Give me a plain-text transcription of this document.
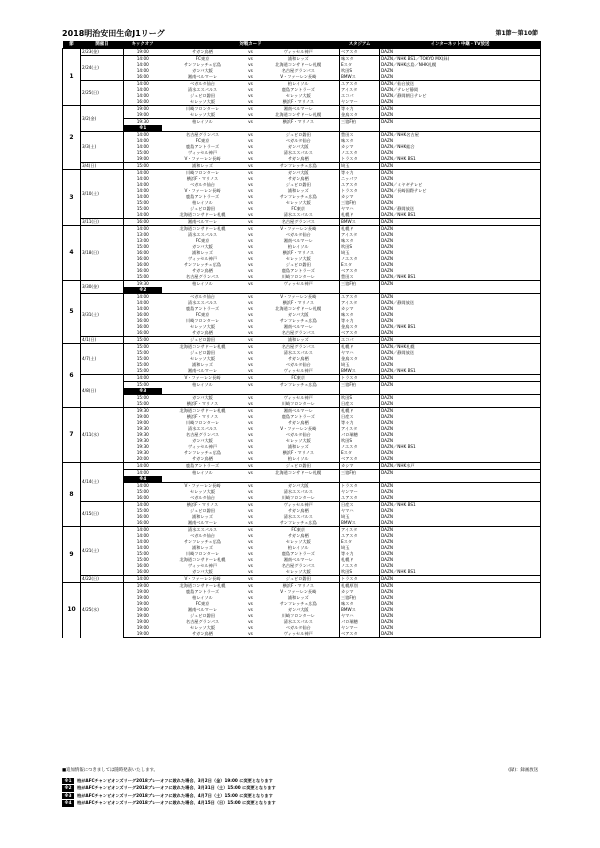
2018明治安田生命J1リーグ	第1節～第10節
節	開催日	キックオフ	対戦カード			スタジアム	インターネット中継・TV放送
1	2/23(金)	19:00	サガン鳥栖	vs	ヴィッセル神戸	ベアスタ	DAZN
	2/24(土)	14:00	FC東京	vs	浦和レッズ	味スタ	DAZN／NHK BS1／TOKYO MX(録)
		14:00	サンフレッチェ広島	vs	北海道コンサドーレ札幌	Eスタ	DAZN／NHK広島／NHK札幌
		14:00	ガンバ大阪	vs	名古屋グランパス	吹田S	DAZN
		16:00	湘南ベルマーレ	vs	V・ファーレン長崎	BMWス	DAZN
	2/25(日)	14:00	ベガルタ仙台	vs	柏レイソル	ユアスタ	DAZN／仙台放送
		14:00	清水エスパルス	vs	鹿島アントラーズ	アイスタ	DAZN／テレビ静岡
		14:00	ジュビロ磐田	vs	セレッソ大阪	エコパ	DAZN／静岡朝日テレビ
		16:00	セレッソ大阪	vs	横浜F・マリノス	ヤンマー	DAZN
2	3/2(金)	19:00	川崎フロンターレ	vs	湘南ベルマーレ	等々力	DAZN
		19:00	セレッソ大阪	vs	北海道コンサドーレ札幌	金鳥スタ	DAZN
		19:30	柏レイソル	vs	横浜F・マリノス	三協F柏	DAZN
		※1					
	3/3(土)	14:00	名古屋グランパス	vs	ジュビロ磐田	豊田ス	DAZN／NHK名古屋
		14:00	FC東京	vs	ベガルタ仙台	味スタ	DAZN
		14:00	鹿島アントラーズ	vs	ガンバ大阪	カシマ	DAZN／NHK総合
		15:00	ヴィッセル神戸	vs	清水エスパルス	ノエスタ	DAZN
		19:00	V・ファーレン長崎	vs	サガン鳥栖	トラスタ	DAZN／NHK BS1
	3/4(日)	15:00	浦和レッズ	vs	サンフレッチェ広島	埼玉	DAZN
3	3/10(土)	14:00	川崎フロンターレ	vs	ガンバ大阪	等々力	DAZN
		14:00	横浜F・マリノス	vs	サガン鳥栖	ニッパツ	DAZN
		14:00	ベガルタ仙台	vs	ジュビロ磐田	ユアスタ	DAZN／ミヤギテレビ
		14:00	V・ファーレン長崎	vs	浦和レッズ	トラスタ	DAZN／長崎国際テレビ
		14:00	鹿島アントラーズ	vs	サンフレッチェ広島	カシマ	DAZN
		15:00	柏レイソル	vs	セレッソ大阪	三協F柏	DAZN
		15:00	ジュビロ磐田	vs	FC東京	ヤマハ	DAZN／静岡放送
		14:00	北海道コンサドーレ札幌	vs	清水エスパルス	札幌ド	DAZN／NHK BS1
	3/11(日)	16:00	湘南ベルマーレ	vs	名古屋グランパス	BMWス	DAZN
4	3/18(日)	14:00	北海道コンサドーレ札幌	vs	V・ファーレン長崎	札幌ド	DAZN
		13:00	清水エスパルス	vs	ベガルタ仙台	アイスタ	DAZN
		13:00	FC東京	vs	湘南ベルマーレ	味スタ	DAZN
		15:00	ガンバ大阪	vs	柏レイソル	吹田S	DAZN
		16:00	浦和レッズ	vs	横浜F・マリノス	埼玉	DAZN
		16:00	ヴィッセル神戸	vs	セレッソ大阪	ノエスタ	DAZN
		16:00	サンフレッチェ広島	vs	ジュビロ磐田	Eスタ	DAZN
		16:00	サガン鳥栖	vs	鹿島アントラーズ	ベアスタ	DAZN
		15:00	名古屋グランパス	vs	川崎フロンターレ	豊田ス	DAZN／NHK BS1
5	3/30(金)	19:30	柏レイソル	vs	ヴィッセル神戸	三協F柏	DAZN
		※2					
	3/31(土)	14:00	ベガルタ仙台	vs	V・ファーレン長崎	ユアスタ	DAZN
		14:00	清水エスパルス	vs	横浜F・マリノス	アイスタ	DAZN／静岡放送
		14:00	鹿島アントラーズ	vs	北海道コンサドーレ札幌	カシマ	DAZN
		16:00	FC東京	vs	ガンバ大阪	味スタ	DAZN
		16:00	川崎フロンターレ	vs	サンフレッチェ広島	等々力	DAZN
		16:00	セレッソ大阪	vs	湘南ベルマーレ	金鳥スタ	DAZN／NHK BS1
		16:00	サガン鳥栖	vs	名古屋グランパス	ベアスタ	DAZN
	4/1(日)	15:00	ジュビロ磐田	vs	浦和レッズ	エコパ	DAZN
6	4/7(土)	15:00	北海道コンサドーレ札幌	vs	名古屋グランパス	札幌ド	DAZN／NHK札幌
		15:00	ジュビロ磐田	vs	清水エスパルス	ヤマハ	DAZN／静岡放送
		15:00	セレッソ大阪	vs	サガン鳥栖	金鳥スタ	DAZN
		15:00	浦和レッズ	vs	ベガルタ仙台	埼玉	DAZN
		15:00	湘南ベルマーレ	vs	ヴィッセル神戸	BMWス	DAZN／NHK BS1
	4/8(日)	14:00	V・ファーレン長崎	vs	FC東京	トラスタ	DAZN
		15:00	柏レイソル	vs	サンフレッチェ広島	三協F柏	DAZN
		※3					
		15:00	ガンバ大阪	vs	ヴィッセル神戸	吹田S	DAZN
		15:00	横浜F・マリノス	vs	川崎フロンターレ	日産ス	DAZN
7	4/11(水)	19:30	北海道コンサドーレ札幌	vs	湘南ベルマーレ	札幌ド	DAZN
		19:00	横浜F・マリノス	vs	鹿島アントラーズ	日産ス	DAZN
		19:00	川崎フロンターレ	vs	サガン鳥栖	等々力	DAZN
		19:30	清水エスパルス	vs	V・ファーレン長崎	アイスタ	DAZN
		19:30	名古屋グランパス	vs	ベガルタ仙台	パロ瑞穂	DAZN
		19:30	ガンバ大阪	vs	セレッソ大阪	吹田S	DAZN
		19:30	ヴィッセル神戸	vs	浦和レッズ	ノエスタ	DAZN／NHK BS1
		19:30	サンフレッチェ広島	vs	横浜F・マリノス	Eスタ	DAZN
		20:00	サガン鳥栖	vs	柏レイソル	ベアスタ	DAZN
8	4/14(土)	14:00	鹿島アントラーズ	vs	ジュビロ磐田	カシマ	DAZN／NHK水戸
		14:00	柏レイソル	vs	北海道コンサドーレ札幌	三協F柏	DAZN
		※4					
		14:00	V・ファーレン長崎	vs	ガンバ大阪	トラスタ	DAZN
		15:00	セレッソ大阪	vs	清水エスパルス	ヤンマー	DAZN
		16:00	ベガルタ仙台	vs	川崎フロンターレ	ユアスタ	DAZN
	4/15(日)	14:00	横浜F・マリノス	vs	ヴィッセル神戸	日産ス	DAZN／NHK BS1
		15:00	ジュビロ磐田	vs	サガン鳥栖	ヤマハ	DAZN
		16:00	浦和レッズ	vs	清水エスパルス	埼玉	DAZN
		16:00	湘南ベルマーレ	vs	サンフレッチェ広島	BMWス	DAZN
9	4/21(土)	14:00	清水エスパルス	vs	FC東京	アイスタ	DAZN
		14:00	ベガルタ仙台	vs	サガン鳥栖	ユアスタ	DAZN
		14:00	サンフレッチェ広島	vs	セレッソ大阪	Eスタ	DAZN
		14:00	浦和レッズ	vs	柏レイソル	埼玉	DAZN
		15:00	川崎フロンターレ	vs	鹿島アントラーズ	等々力	DAZN
		15:00	北海道コンサドーレ札幌	vs	湘南ベルマーレ	札幌ド	DAZN
		16:00	ヴィッセル神戸	vs	名古屋グランパス	ノエスタ	DAZN
		16:00	ガンバ大阪	vs	セレッソ大阪	吹田S	DAZN／NHK BS1
	4/22(日)	14:00	V・ファーレン長崎	vs	ジュビロ磐田	トラスタ	DAZN
10	4/25(水)	19:00	北海道コンサドーレ札幌	vs	横浜F・マリノス	札幌厚別	DAZN
		19:00	鹿島アントラーズ	vs	V・ファーレン長崎	カシマ	DAZN
		19:00	柏レイソル	vs	浦和レッズ	三協F柏	DAZN
		19:00	FC東京	vs	サンフレッチェ広島	味スタ	DAZN
		19:00	湘南ベルマーレ	vs	ガンバ大阪	BMWス	DAZN
		19:00	ジュビロ磐田	vs	川崎フロンターレ	ヤマハ	DAZN
		19:00	名古屋グランパス	vs	清水エスパルス	パロ瑞穂	DAZN
		19:00	セレッソ大阪	vs	ベガルタ仙台	ヤンマー	DAZN
		19:00	サガン鳥栖	vs	ヴィッセル神戸	ベアスタ	DAZN
■追加情報につきましては随時発表いたします。	(録)：録画放送
※1	柏がAFCチャンピオンズリーグ2018プレーオフに敗れた場合、3月2日（金）19:00 に変更となります
※2	柏がAFCチャンピオンズリーグ2018プレーオフに敗れた場合、3月31日（土）15:00 に変更となります
※3	柏がAFCチャンピオンズリーグ2018プレーオフに敗れた場合、4月7日（土）15:00 に変更となります
※4	柏がAFCチャンピオンズリーグ2018プレーオフに敗れた場合、4月15日（日）15:00 に変更となります
